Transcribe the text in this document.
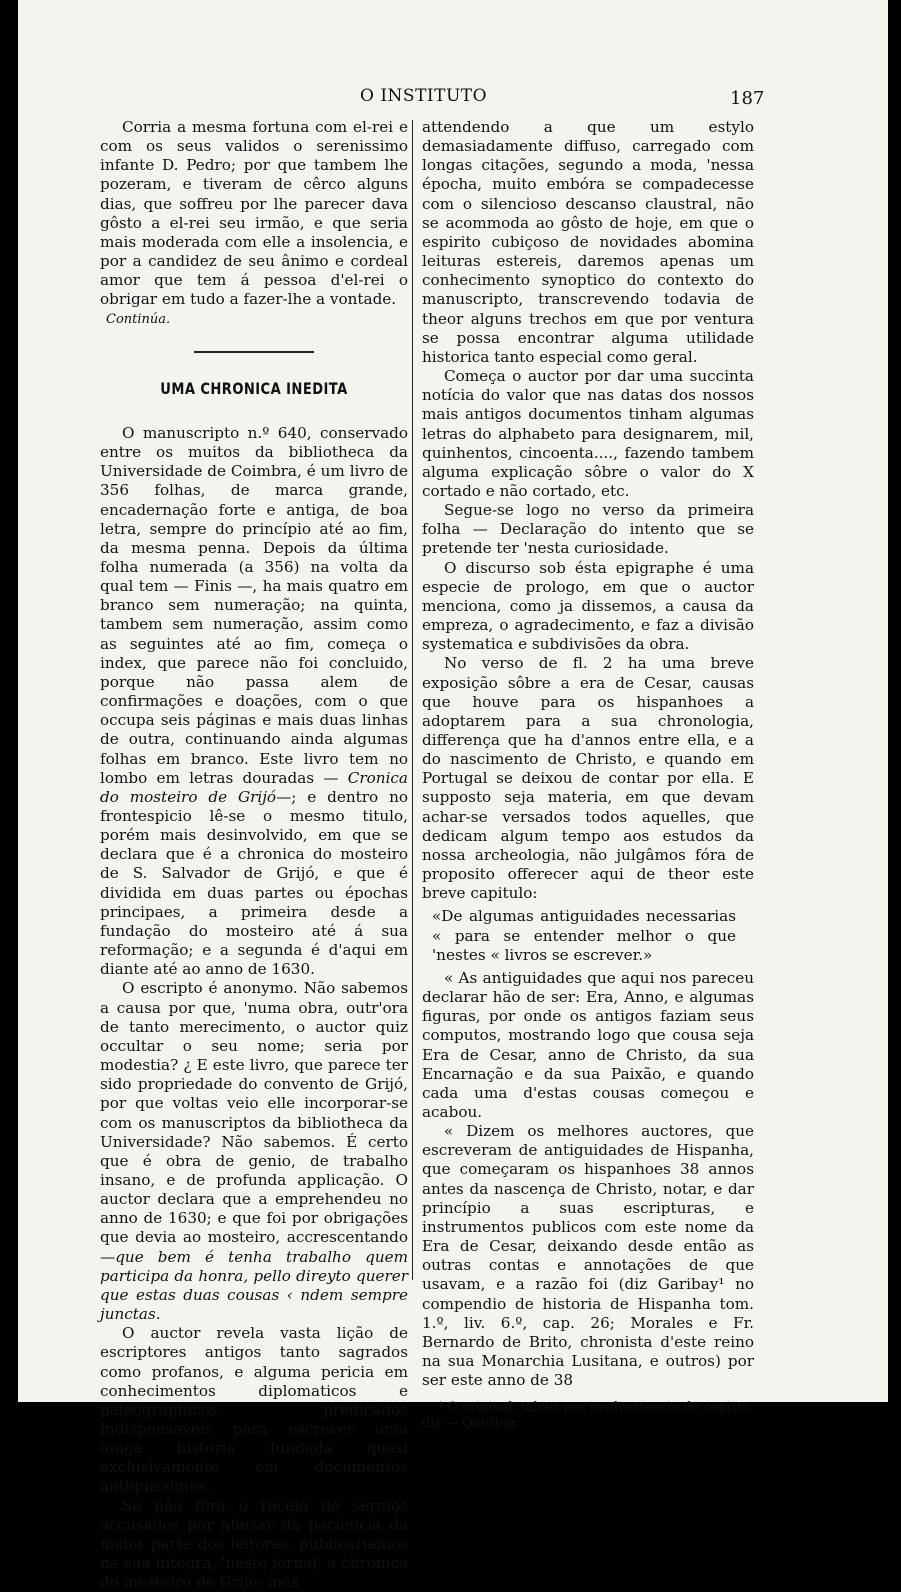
O INSTITUTO	187

Corria a mesma fortuna com el-rei e com os seus validos o serenissimo infante D. Pedro; por que tambem lhe pozeram, e tiveram de cêrco alguns dias, que soffreu por lhe parecer dava gôsto a el-rei seu irmão, e que seria mais moderada com elle a insolencia, e por a candidez de seu ânimo e cordeal amor que tem á pessoa d'el-rei o obrigar em tudo a fazer-lhe a vontade.

Continúa.

UMA CHRONICA INEDITA

O manuscripto n.º 640, conservado entre os muitos da bibliotheca da Universidade de Coimbra, é um livro de 356 folhas, de marca grande, encadernação forte e antiga, de boa letra, sempre do princípio até ao fim, da mesma penna. Depois da última folha numerada (a 356) na volta da qual tem — Finis —, ha mais quatro em branco sem numeração; na quinta, tambem sem numeração, assim como as seguintes até ao fim, começa o index, que parece não foi concluido, porque não passa alem de confirmações e doações, com o que occupa seis páginas e mais duas linhas de outra, continuando ainda algumas folhas em branco. Este livro tem no lombo em letras douradas — Cronica do mosteiro de Grijó—; e dentro no frontespicio lê-se o mesmo titulo, porém mais desinvolvido, em que se declara que é a chronica do mosteiro de S. Salvador de Grijó, e que é dividida em duas partes ou épochas principaes, a primeira desde a fundação do mosteiro até á sua reformação; e a segunda é d'aqui em diante até ao anno de 1630.

O escripto é anonymo. Não sabemos a causa por que, 'numa obra, outr'ora de tanto merecimento, o auctor quiz occultar o seu nome; seria por modestia? ¿ E este livro, que parece ter sido propriedade do convento de Grijó, por que voltas veio elle incorporar-se com os manuscriptos da bibliotheca da Universidade? Não sabemos. É certo que é obra de genio, de trabalho insano, e de profunda applicação. O auctor declara que a emprehendeu no anno de 1630; e que foi por obrigações que devia ao mosteiro, accrescentando —que bem é tenha trabalho quem participa da honra, pello direyto querer que estas duas cousas ‹ ndem sempre junctas.

O auctor revela vasta lição de escriptores antigos tanto sagrados como profanos, e alguma pericia em conhecimentos diplomaticos e paleographicos, predicados indispensaveis para escrever uma longa historia fundada quasi exclusivamente em documentos antiquissimos.

Se não fôra o receio de sermos accusados por abusar da paciencia da maior parte dos leitores, publicariamos na sua integra, 'neste jornal, a chronica do mosteiro de Grijó; mas

attendendo a que um estylo demasiadamente diffuso, carregado com longas citações, segundo a moda, 'nessa épocha, muito embóra se compadecesse com o silencioso descanso claustral, não se acommoda ao gôsto de hoje, em que o espirito cubiçoso de novidades abomina leituras estereis, daremos apenas um conhecimento synoptico do contexto do manuscripto, transcrevendo todavia de theor alguns trechos em que por ventura se possa encontrar alguma utilidade historica tanto especial como geral.

Começa o auctor por dar uma succinta notícia do valor que nas datas dos nossos mais antigos documentos tinham algumas letras do alphabeto para designarem, mil, quinhentos, cincoenta...., fazendo tambem alguma explicação sôbre o valor do X cortado e não cortado, etc.

Segue-se logo no verso da primeira folha — Declaração do intento que se pretende ter 'nesta curiosidade.

O discurso sob ésta epigraphe é uma especie de prologo, em que o auctor menciona, como ja dissemos, a causa da empreza, o agradecimento, e faz a divisão systematica e subdivisões da obra.

No verso de fl. 2 ha uma breve exposição sôbre a era de Cesar, causas que houve para os hispanhoes a adoptarem para a sua chronologia, differença que ha d'annos entre ella, e a do nascimento de Christo, e quando em Portugal se deixou de contar por ella. E supposto seja materia, em que devam achar-se versados todos aquelles, que dedicam algum tempo aos estudos da nossa archeologia, não julgâmos fóra de proposito offerecer aqui de theor este breve capitulo:

«De algumas antiguidades necessarias « para se entender melhor o que 'nestes « livros se escrever.»

« As antiguidades que aqui nos pareceu declarar hão de ser: Era, Anno, e algumas figuras, por onde os antigos faziam seus computos, mostrando logo que cousa seja Era de Cesar, anno de Christo, da sua Encarnação e da sua Paixão, e quando cada uma d'estas cousas começou e acabou.

« Dizem os melhores auctores, que escreveram de antiguidades de Hispanha, que começaram os hispanhoes 38 annos antes da nascença de Christo, notar, e dar princípio a suas escripturas, e instrumentos publicos com este nome da Era de Cesar, deixando desde então as outras contas e annotações de que usavam, e a razão foi (diz Garibay¹ no compendio de historia de Hispanha tom. 1.º, liv. 6.º, cap. 26; Morales e Fr. Bernardo de Brito, chronista d'este reino na sua Monarchia Lusitana, e outros) por ser este anno de 38

¹ O original, talvez por inadvertencia do copista, diz — Quiribay.
